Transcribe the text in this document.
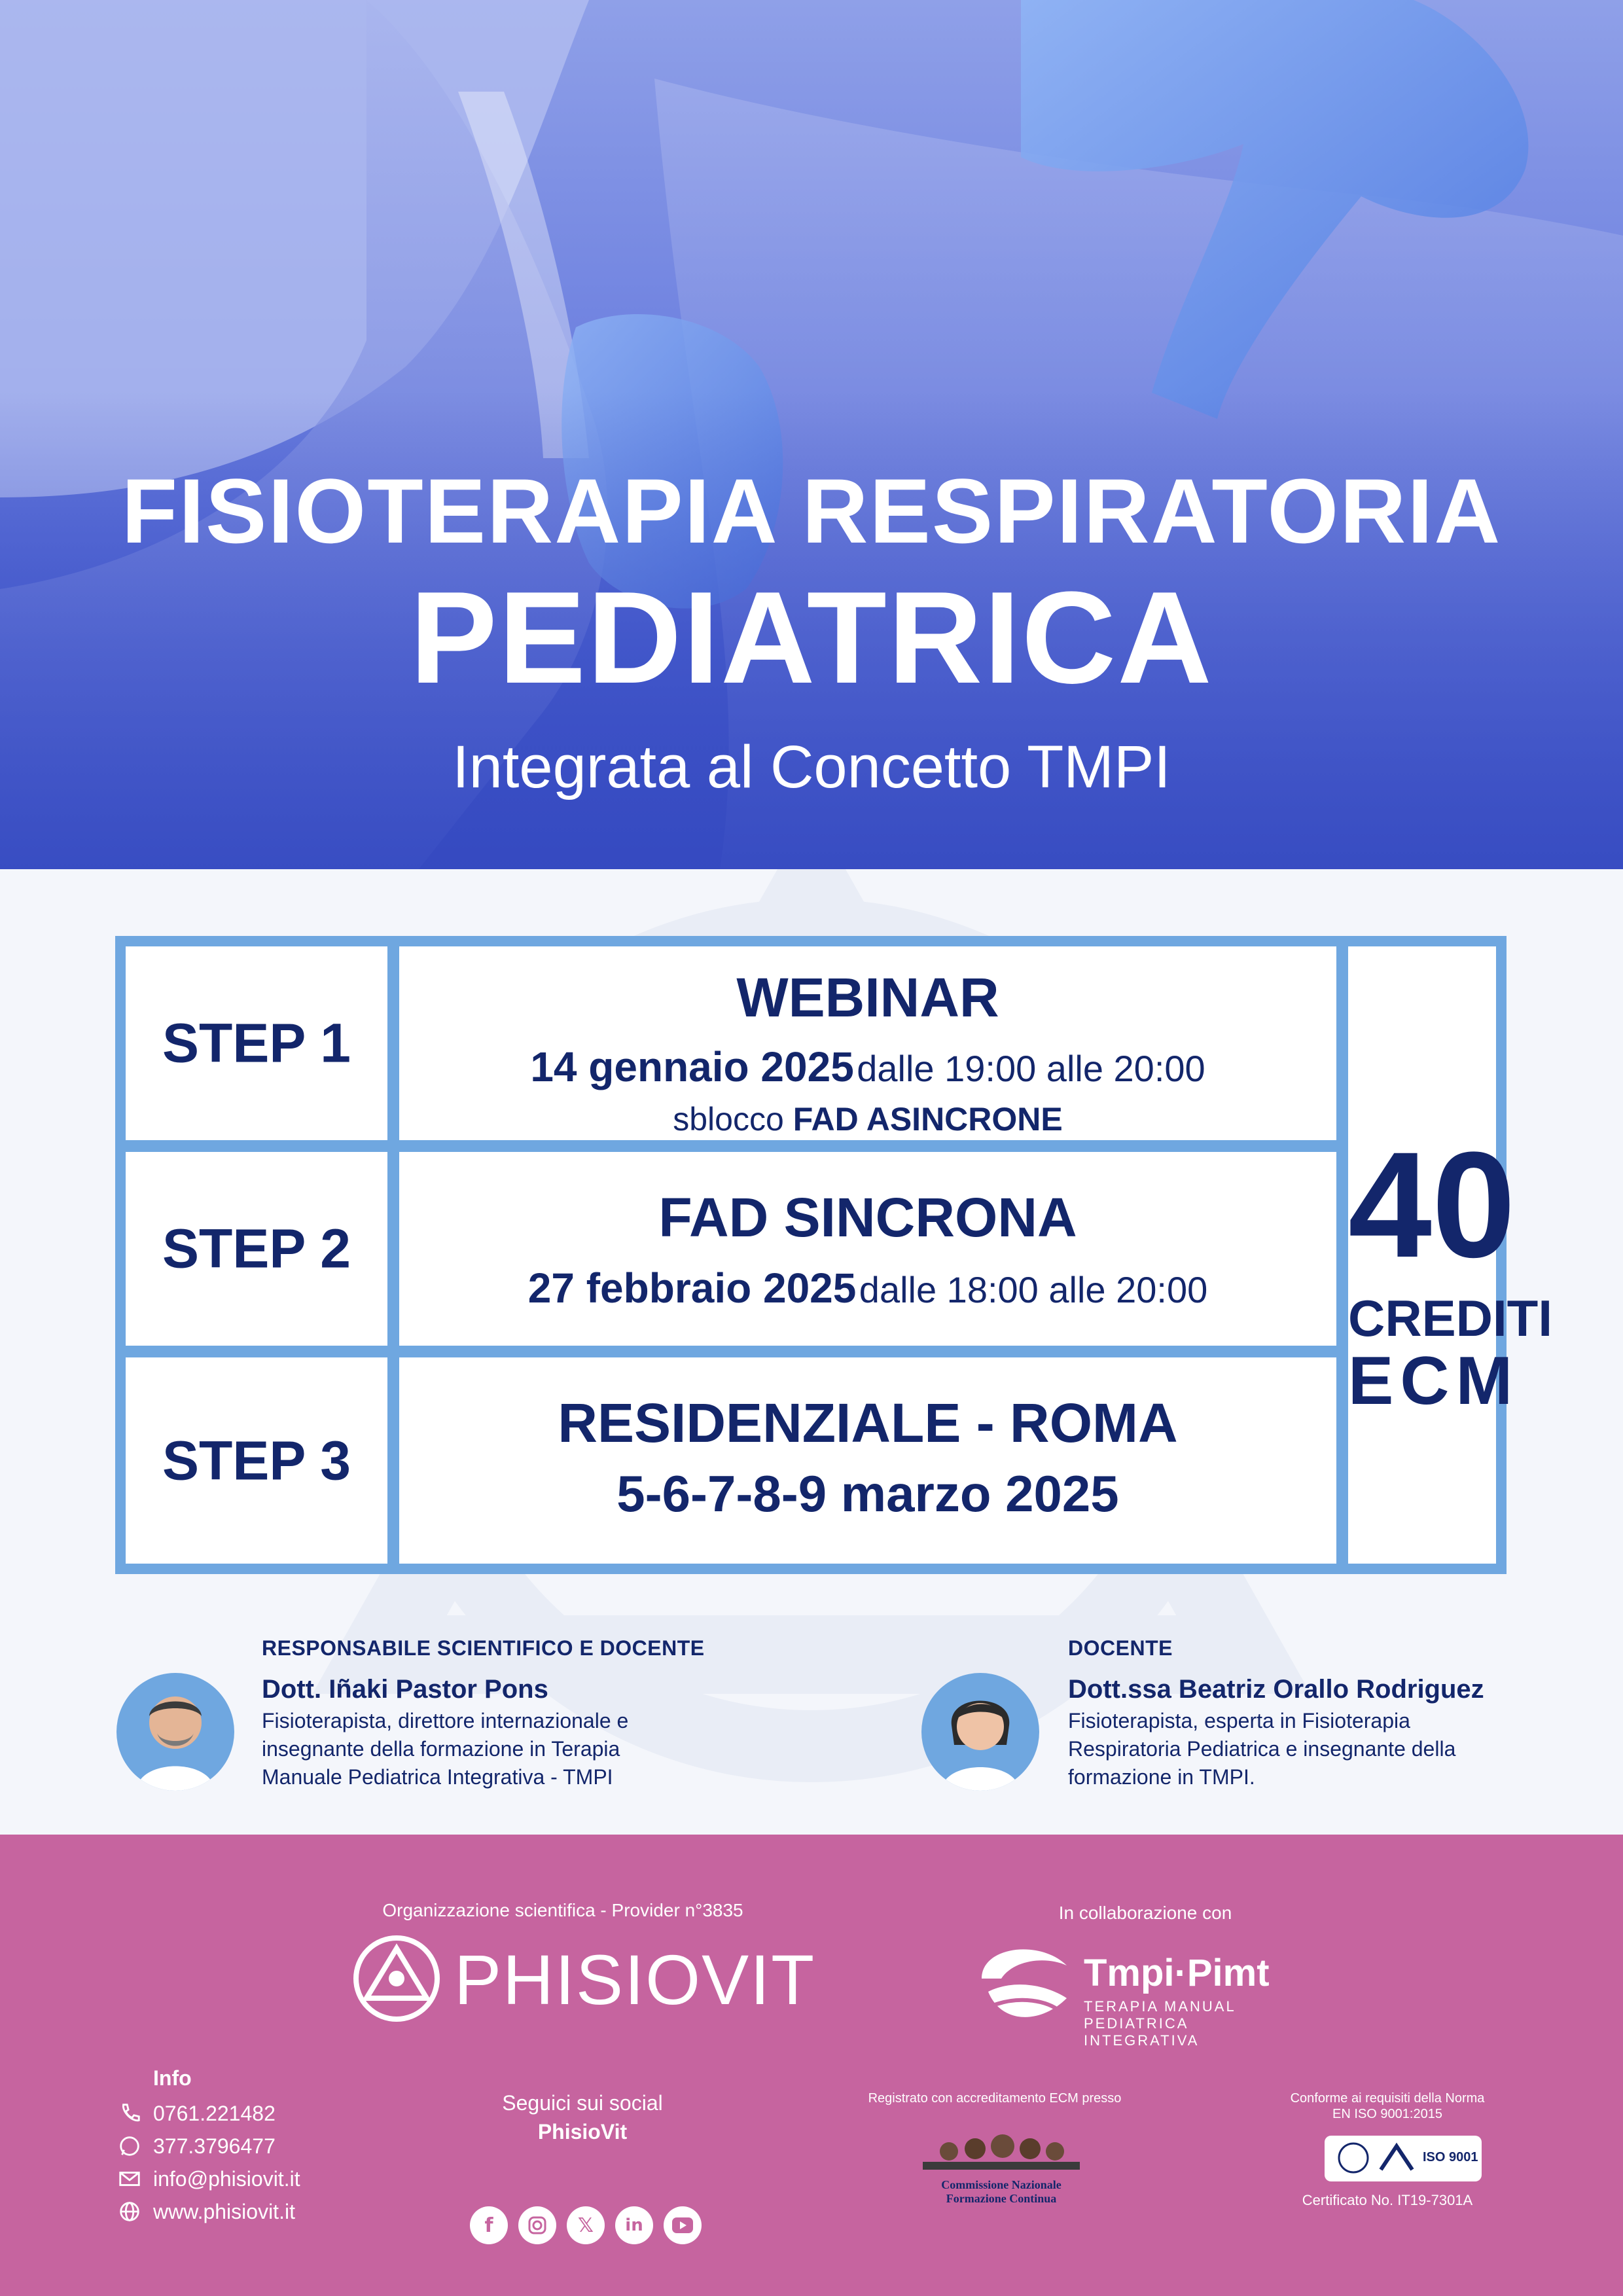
FISIOTERAPIA RESPIRATORIA
PEDIATRICA
Integrata al Concetto TMPI
STEP 1
WEBINAR
14 gennaio 2025 dalle 19:00 alle 20:00
sblocco FAD ASINCRONE
STEP 2
FAD SINCRONA
27 febbraio 2025 dalle 18:00 alle 20:00
STEP 3
RESIDENZIALE - ROMA
5-6-7-8-9 marzo 2025
40
CREDITI
ECM
RESPONSABILE SCIENTIFICO E DOCENTE
Dott. Iñaki Pastor Pons
Fisioterapista, direttore internazionale e
insegnante della formazione in Terapia
Manuale Pediatrica Integrativa - TMPI
DOCENTE
Dott.ssa Beatriz Orallo Rodriguez
Fisioterapista, esperta in Fisioterapia
Respiratoria Pediatrica e insegnante della
formazione in TMPI.
Organizzazione scientifica - Provider n°3835
PHISIOVIT
In collaborazione con
Tmpi·Pimt
TERAPIA MANUAL
PEDIATRICA INTEGRATIVA
Info
0761.221482
377.3796477
info@phisiovit.it
www.phisiovit.it
Seguici sui social
PhisioVit
f	𝕏	in
Registrato con accreditamento ECM presso
Commissione Nazionale
Formazione Continua
Conforme ai requisiti della Norma
EN ISO 9001:2015
ISO 9001
Certificato No. IT19-7301A
